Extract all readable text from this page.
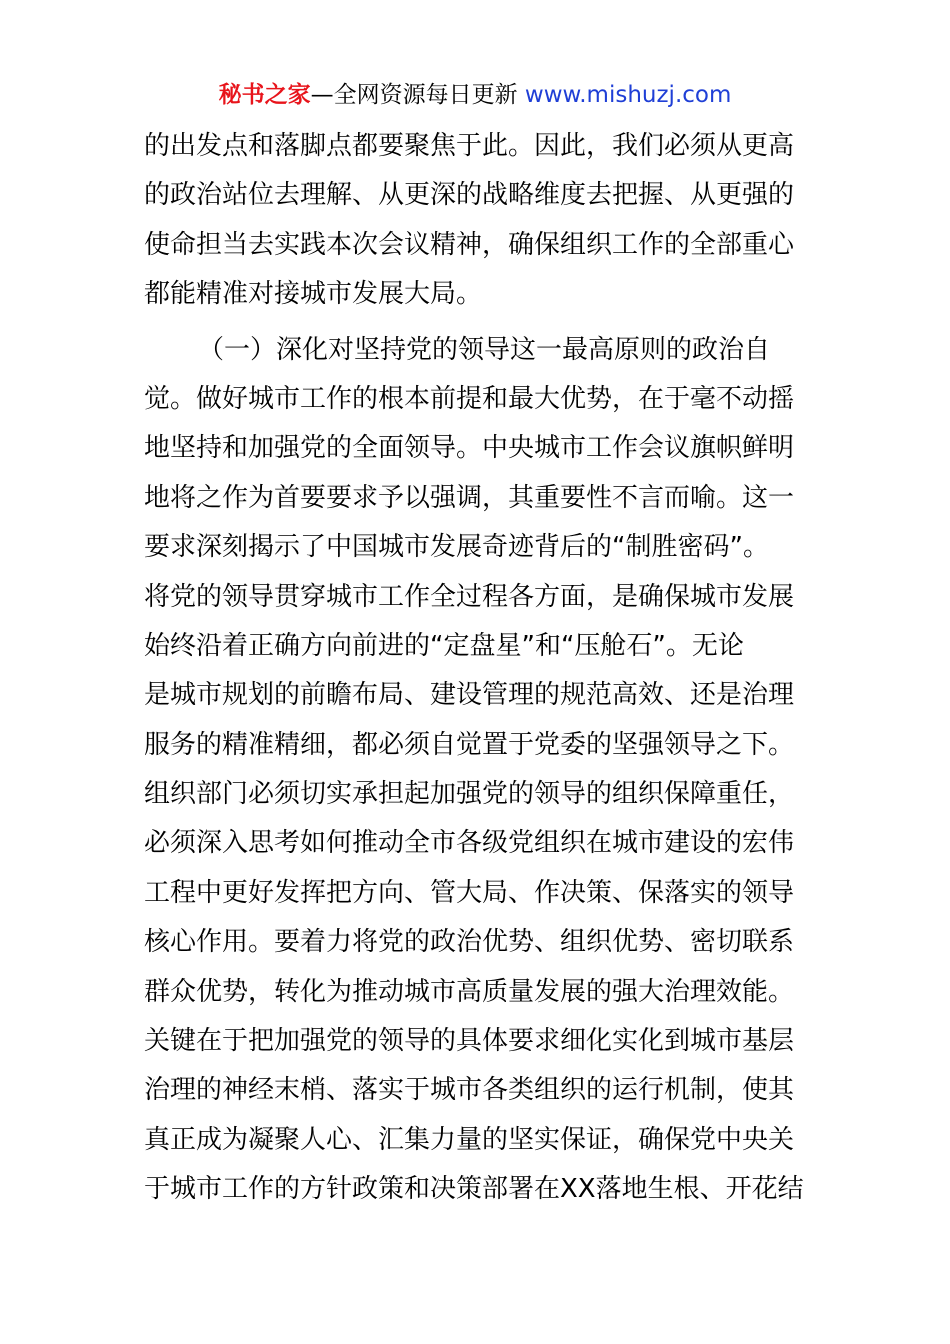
秘书之家—全网资源每日更新 www.mishuzj.com
的出发点和落脚点都要聚焦于此。因此，我们必须从更高
的政治站位去理解、从更深的战略维度去把握、从更强的
使命担当去实践本次会议精神，确保组织工作的全部重心
都能精准对接城市发展大局。
（一）深化对坚持党的领导这一最高原则的政治自
觉。做好城市工作的根本前提和最大优势，在于毫不动摇
地坚持和加强党的全面领导。中央城市工作会议旗帜鲜明
地将之作为首要要求予以强调，其重要性不言而喻。这一
要求深刻揭示了中国城市发展奇迹背后的“制胜密码”。
将党的领导贯穿城市工作全过程各方面，是确保城市发展
始终沿着正确方向前进的“定盘星”和“压舱石”。无论
是城市规划的前瞻布局、建设管理的规范高效、还是治理
服务的精准精细，都必须自觉置于党委的坚强领导之下。
组织部门必须切实承担起加强党的领导的组织保障重任，
必须深入思考如何推动全市各级党组织在城市建设的宏伟
工程中更好发挥把方向、管大局、作决策、保落实的领导
核心作用。要着力将党的政治优势、组织优势、密切联系
群众优势，转化为推动城市高质量发展的强大治理效能。
关键在于把加强党的领导的具体要求细化实化到城市基层
治理的神经末梢、落实于城市各类组织的运行机制，使其
真正成为凝聚人心、汇集力量的坚实保证，确保党中央关
于城市工作的方针政策和决策部署在XX落地生根、开花结
